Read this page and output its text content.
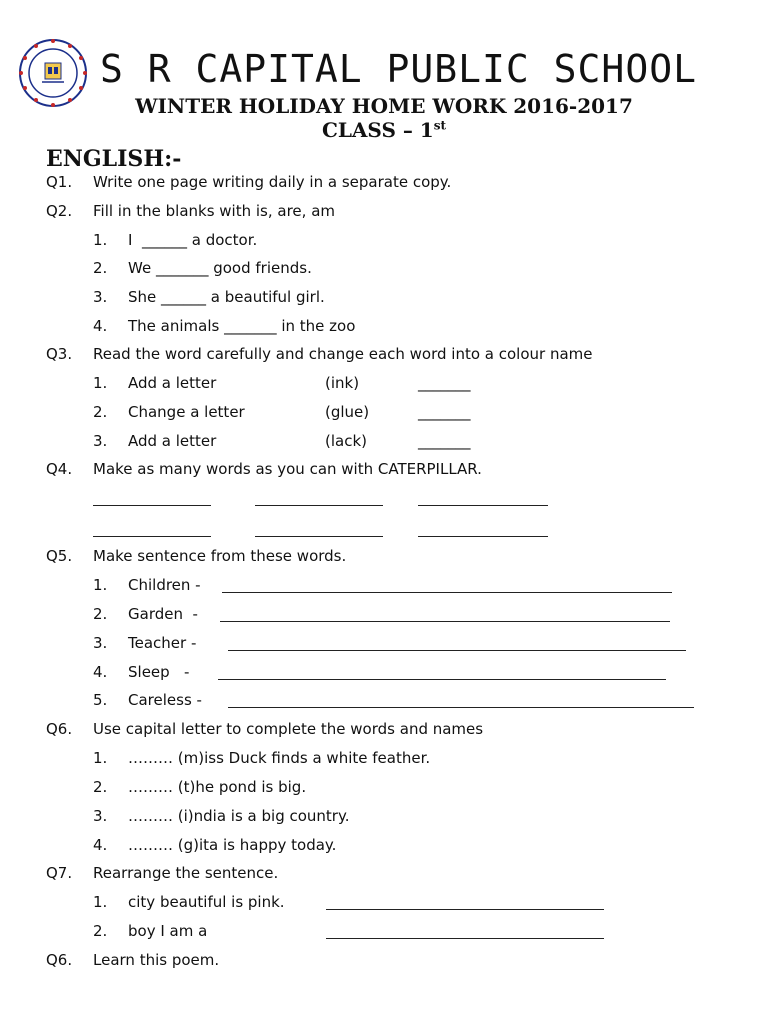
S R CAPITAL PUBLIC SCHOOL
WINTER HOLIDAY HOME WORK 2016-2017
CLASS – 1st
ENGLISH:-
Q1. Write one page writing daily in a separate copy.
Q2. Fill in the blanks with is, are, am
1. I  ______ a doctor.
2. We _______ good friends.
3. She ______ a beautiful girl.
4. The animals _______ in the zoo
Q3. Read the word carefully and change each word into a colour name
1. Add a letter	(ink)	_______
2. Change a letter	(glue)	_______
3. Add a letter	(lack)	_______
Q4. Make as many words as you can with CATERPILLAR.
Q5. Make sentence from these words.
1. Children -
2. Garden  -
3. Teacher -
4. Sleep   -
5. Careless -
Q6. Use capital letter to complete the words and names
1. ……… (m)iss Duck finds a white feather.
2. ……… (t)he pond is big.
3. ……… (i)ndia is a big country.
4. ……… (g)ita is happy today.
Q7. Rearrange the sentence.
1. city beautiful is pink.
2. boy I am a
Q6. Learn this poem.
